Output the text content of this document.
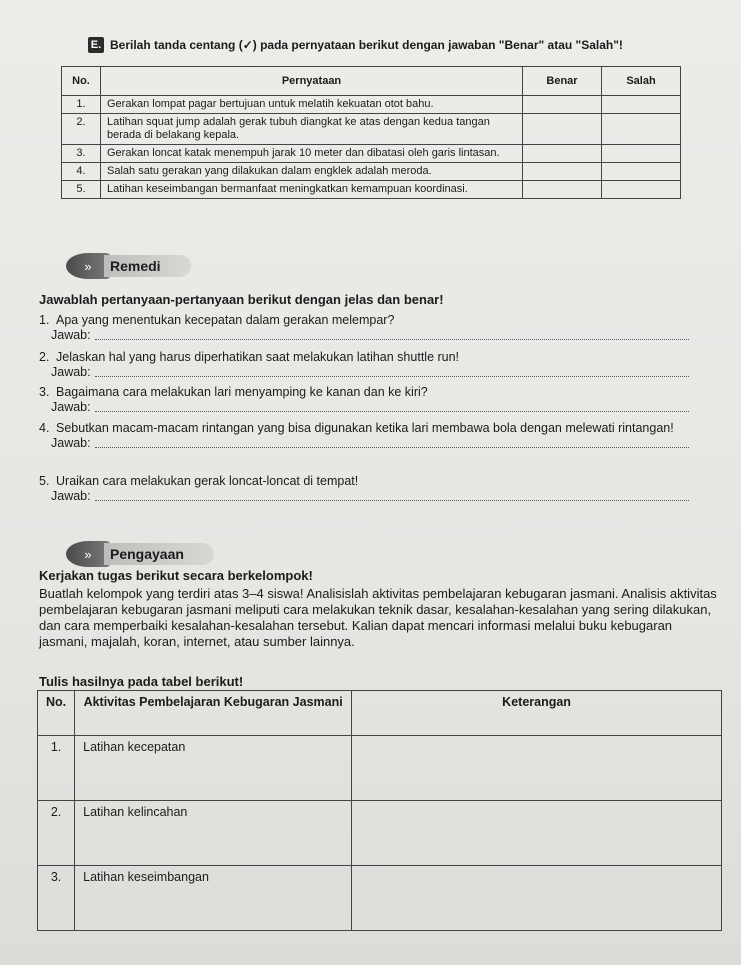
E. Berilah tanda centang (✓) pada pernyataan berikut dengan jawaban "Benar" atau "Salah"!
No.	Pernyataan	Benar	Salah
1.	Gerakan lompat pagar bertujuan untuk melatih kekuatan otot bahu.		
2.	Latihan squat jump adalah gerak tubuh diangkat ke atas dengan kedua tangan berada di belakang kepala.		
3.	Gerakan loncat katak menempuh jarak 10 meter dan dibatasi oleh garis lintasan.		
4.	Salah satu gerakan yang dilakukan dalam engklek adalah meroda.		
5.	Latihan keseimbangan bermanfaat meningkatkan kemampuan koordinasi.		
»	Remedi
Jawablah pertanyaan-pertanyaan berikut dengan jelas dan benar!
1. Apa yang menentukan kecepatan dalam gerakan melempar?
Jawab:
2. Jelaskan hal yang harus diperhatikan saat melakukan latihan shuttle run!
Jawab:
3. Bagaimana cara melakukan lari menyamping ke kanan dan ke kiri?
Jawab:
4. Sebutkan macam-macam rintangan yang bisa digunakan ketika lari membawa bola dengan melewati rintangan!
Jawab:
5. Uraikan cara melakukan gerak loncat-loncat di tempat!
Jawab:
»	Pengayaan
Kerjakan tugas berikut secara berkelompok!
Buatlah kelompok yang terdiri atas 3–4 siswa! Analisislah aktivitas pembelajaran kebugaran jasmani. Analisis aktivitas pembelajaran kebugaran jasmani meliputi cara melakukan teknik dasar, kesalahan-kesalahan yang sering dilakukan, dan cara memperbaiki kesalahan-kesalahan tersebut. Kalian dapat mencari informasi melalui buku kebugaran jasmani, majalah, koran, internet, atau sumber lainnya.
Tulis hasilnya pada tabel berikut!
No.	Aktivitas Pembelajaran Kebugaran Jasmani	Keterangan
1.	Latihan kecepatan	
2.	Latihan kelincahan	
3.	Latihan keseimbangan	
